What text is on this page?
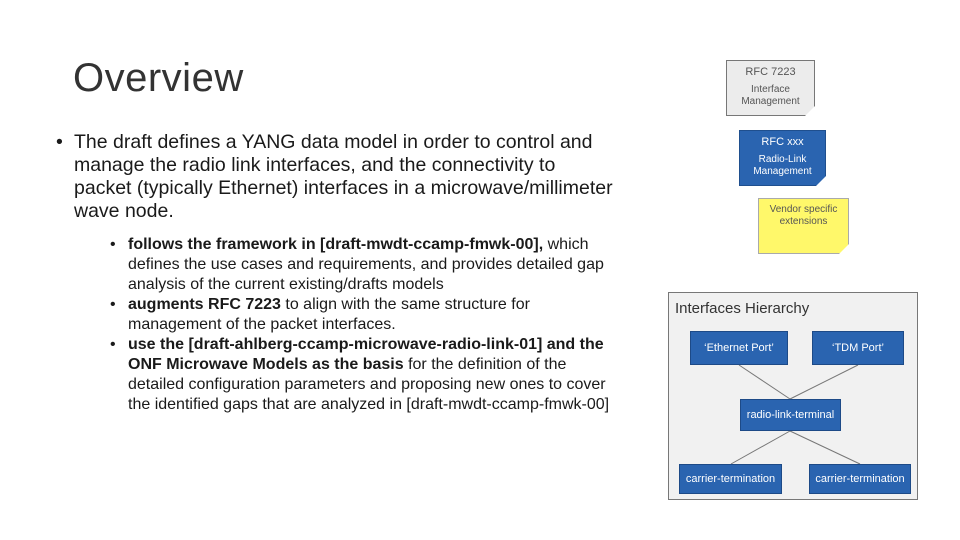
Overview
• The draft defines a YANG data model in order to control and manage the radio link interfaces, and the connectivity to packet (typically Ethernet) interfaces in a microwave/millimeter wave node.
• follows the framework in [draft-mwdt-ccamp-fmwk-00], which defines the use cases and requirements, and provides detailed gap analysis of the current existing/drafts models
• augments RFC 7223 to align with the same structure for management of the packet interfaces.
• use the [draft-ahlberg-ccamp-microwave-radio-link-01] and the ONF Microwave Models as the basis for the definition of the detailed configuration parameters and proposing new ones to cover the identified gaps that are analyzed in [draft-mwdt-ccamp-fmwk-00]
RFC 7223
Interface Management
RFC xxx
Radio-Link Management
Vendor specific extensions
Interfaces Hierarchy
‘Ethernet Port’	‘TDM Port’
radio-link-terminal
carrier-termination	carrier-termination
